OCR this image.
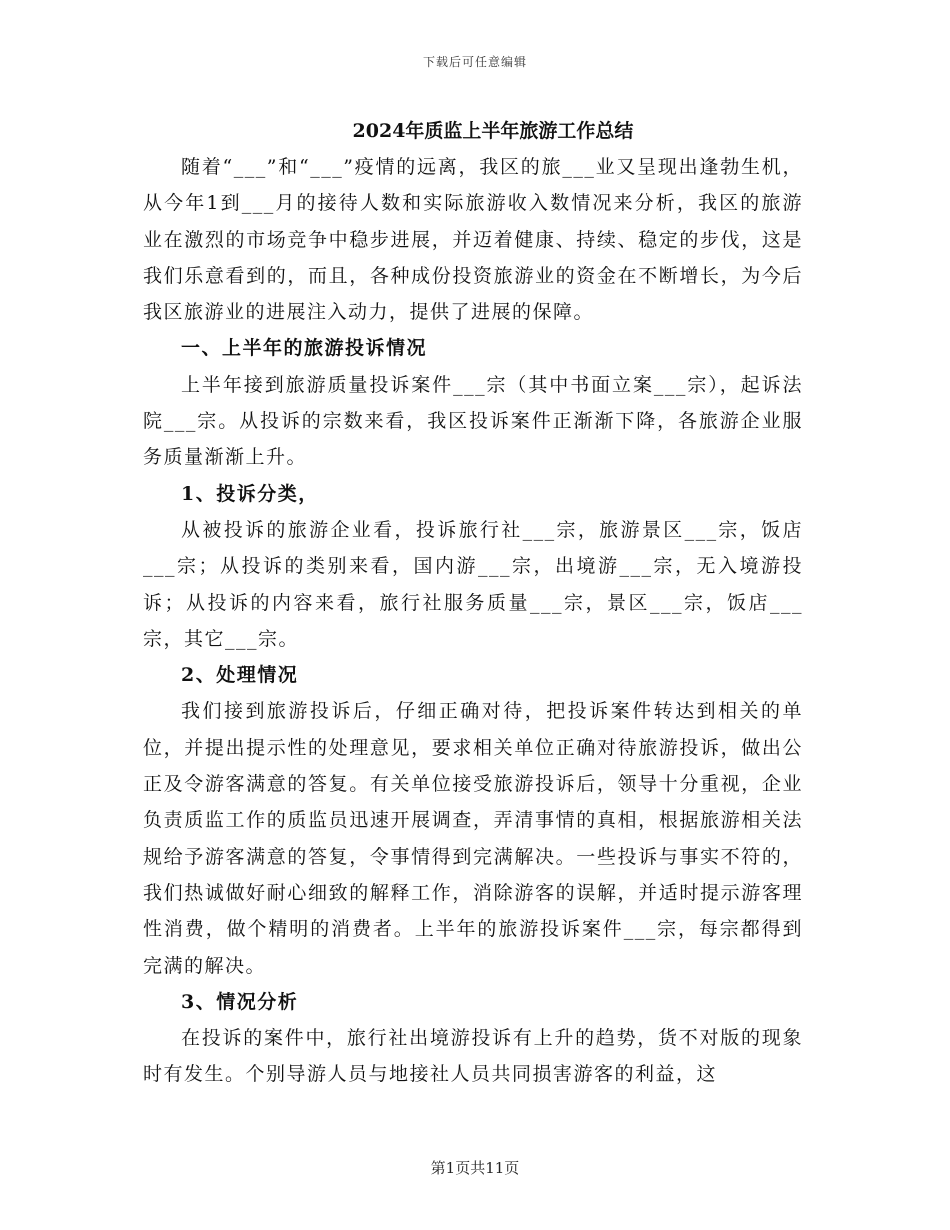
下载后可任意编辑
2024年质监上半年旅游工作总结

随着“___”和“___”疫情的远离，我区的旅___业又呈现出逢勃生机，从今年1到___月的接待人数和实际旅游收入数情况来分析，我区的旅游业在激烈的市场竞争中稳步进展，并迈着健康、持续、稳定的步伐，这是我们乐意看到的，而且，各种成份投资旅游业的资金在不断增长，为今后我区旅游业的进展注入动力，提供了进展的保障。

一、上半年的旅游投诉情况

上半年接到旅游质量投诉案件___宗（其中书面立案___宗），起诉法院___宗。从投诉的宗数来看，我区投诉案件正渐渐下降，各旅游企业服务质量渐渐上升。

1、投诉分类，

从被投诉的旅游企业看，投诉旅行社___宗，旅游景区___宗，饭店___宗；从投诉的类别来看，国内游___宗，出境游___宗，无入境游投诉；从投诉的内容来看，旅行社服务质量___宗，景区___宗，饭店___宗，其它___宗。

2、处理情况

我们接到旅游投诉后，仔细正确对待，把投诉案件转达到相关的单位，并提出提示性的处理意见，要求相关单位正确对待旅游投诉，做出公正及令游客满意的答复。有关单位接受旅游投诉后，领导十分重视，企业负责质监工作的质监员迅速开展调查，弄清事情的真相，根据旅游相关法规给予游客满意的答复，令事情得到完满解决。一些投诉与事实不符的，我们热诚做好耐心细致的解释工作，消除游客的误解，并适时提示游客理性消费，做个精明的消费者。上半年的旅游投诉案件___宗，每宗都得到完满的解决。

3、情况分析

在投诉的案件中，旅行社出境游投诉有上升的趋势，货不对版的现象时有发生。个别导游人员与地接社人员共同损害游客的利益，这

第1页共11页
